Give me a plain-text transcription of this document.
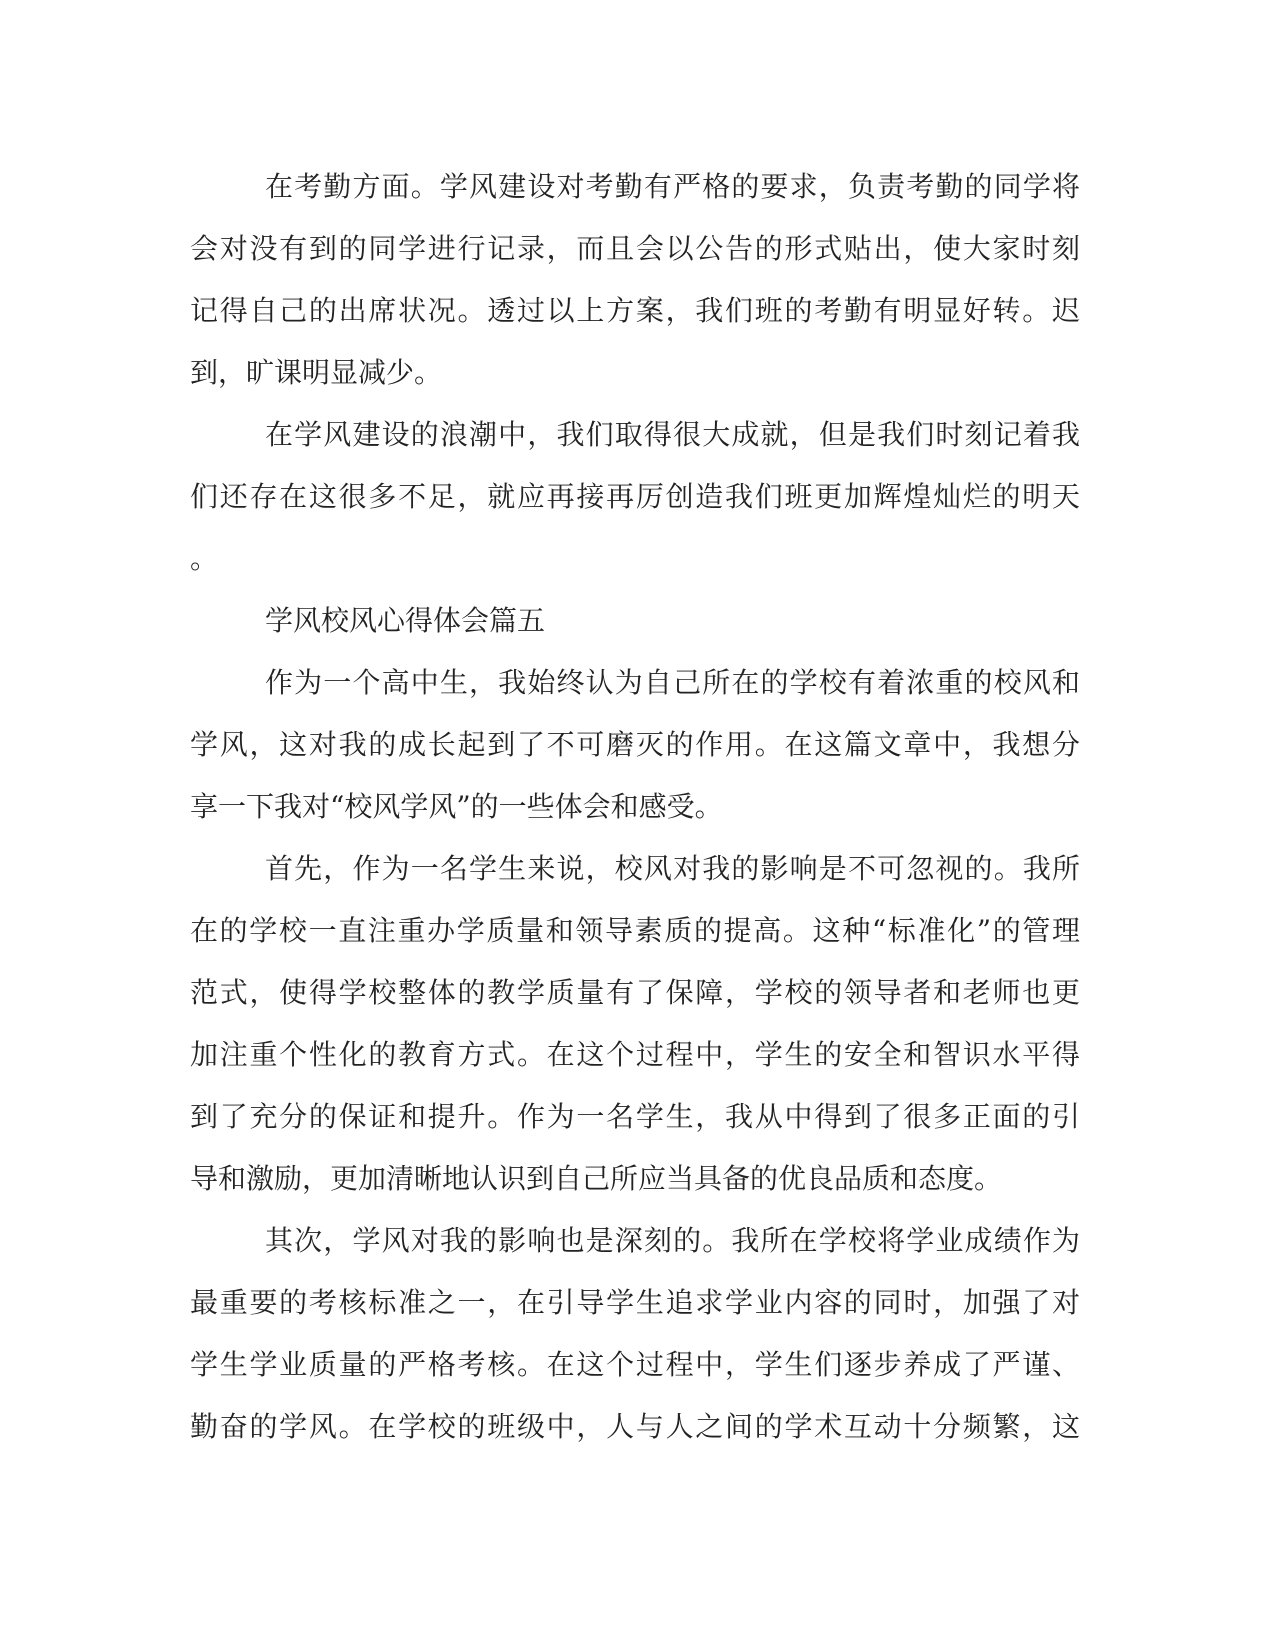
在考勤方面。学风建设对考勤有严格的要求，负责考勤的同学将
会对没有到的同学进行记录，而且会以公告的形式贴出，使大家时刻
记得自己的出席状况。透过以上方案，我们班的考勤有明显好转。迟
到，旷课明显减少。
在学风建设的浪潮中，我们取得很大成就，但是我们时刻记着我
们还存在这很多不足，就应再接再厉创造我们班更加辉煌灿烂的明天
。
学风校风心得体会篇五
作为一个高中生，我始终认为自己所在的学校有着浓重的校风和
学风，这对我的成长起到了不可磨灭的作用。在这篇文章中，我想分
享一下我对“校风学风”的一些体会和感受。
首先，作为一名学生来说，校风对我的影响是不可忽视的。我所
在的学校一直注重办学质量和领导素质的提高。这种“标准化”的管理
范式，使得学校整体的教学质量有了保障，学校的领导者和老师也更
加注重个性化的教育方式。在这个过程中，学生的安全和智识水平得
到了充分的保证和提升。作为一名学生，我从中得到了很多正面的引
导和激励，更加清晰地认识到自己所应当具备的优良品质和态度。
其次，学风对我的影响也是深刻的。我所在学校将学业成绩作为
最重要的考核标准之一，在引导学生追求学业内容的同时，加强了对
学生学业质量的严格考核。在这个过程中，学生们逐步养成了严谨、
勤奋的学风。在学校的班级中，人与人之间的学术互动十分频繁，这
